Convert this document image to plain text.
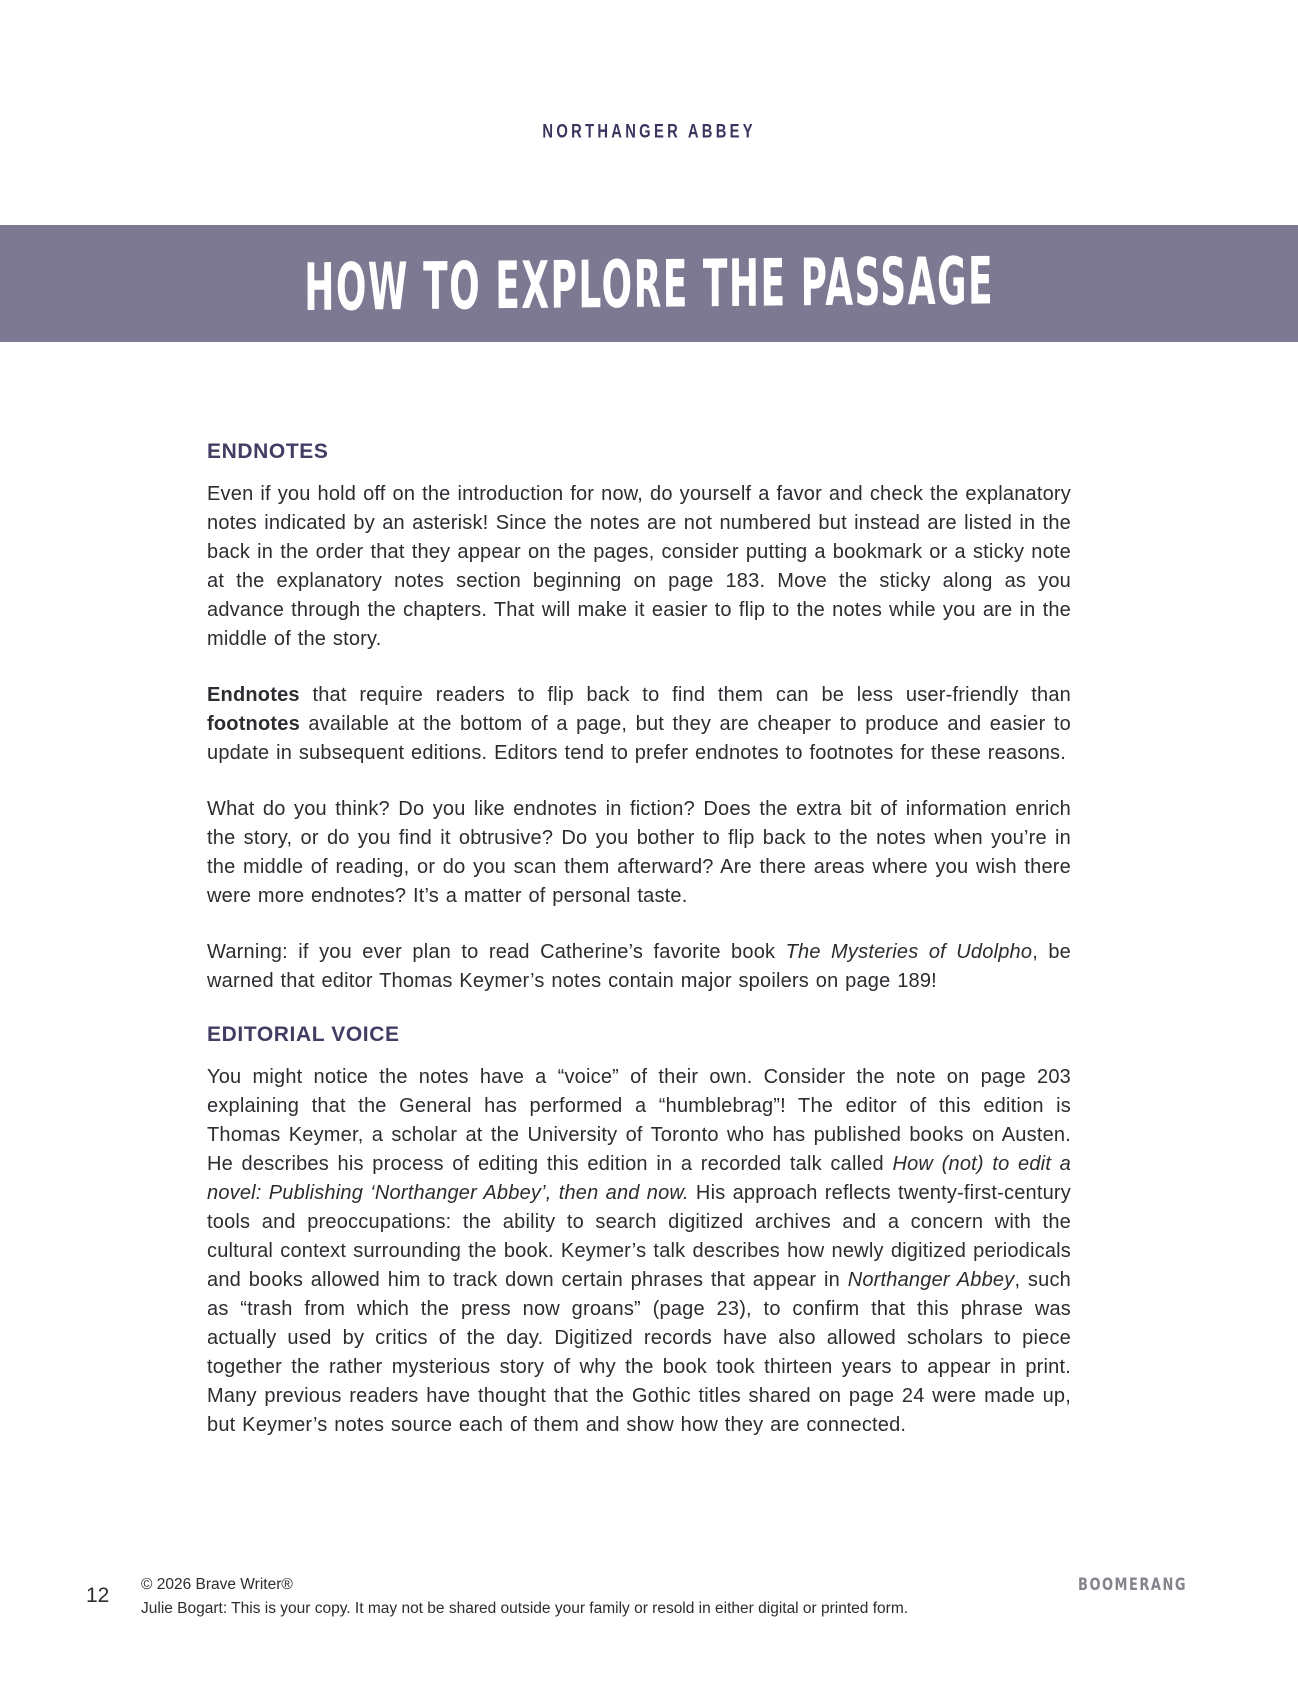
NORTHANGER ABBEY
HOW TO EXPLORE THE PASSAGE
ENDNOTES

Even if you hold off on the introduction for now, do yourself a favor and check the explanatory notes indicated by an asterisk! Since the notes are not numbered but instead are listed in the back in the order that they appear on the pages, consider putting a bookmark or a sticky note at the explanatory notes section beginning on page 183. Move the sticky along as you advance through the chapters. That will make it easier to flip to the notes while you are in the middle of the story.

Endnotes that require readers to flip back to find them can be less user-friendly than footnotes available at the bottom of a page, but they are cheaper to produce and easier to update in subsequent editions. Editors tend to prefer endnotes to footnotes for these reasons.

What do you think? Do you like endnotes in fiction? Does the extra bit of information enrich the story, or do you find it obtrusive? Do you bother to flip back to the notes when you’re in the middle of reading, or do you scan them afterward? Are there areas where you wish there were more endnotes? It’s a matter of personal taste.

Warning: if you ever plan to read Catherine’s favorite book The Mysteries of Udolpho, be warned that editor Thomas Keymer’s notes contain major spoilers on page 189!

EDITORIAL VOICE

You might notice the notes have a “voice” of their own. Consider the note on page 203 explaining that the General has performed a “humblebrag”! The editor of this edition is Thomas Keymer, a scholar at the University of Toronto who has published books on Austen. He describes his process of editing this edition in a recorded talk called How (not) to edit a novel: Publishing ‘Northanger Abbey’, then and now. His approach reflects twenty-first-century tools and preoccupations: the ability to search digitized archives and a concern with the cultural context surrounding the book. Keymer’s talk describes how newly digitized periodicals and books allowed him to track down certain phrases that appear in Northanger Abbey, such as “trash from which the press now groans” (page 23), to confirm that this phrase was actually used by critics of the day. Digitized records have also allowed scholars to piece together the rather mysterious story of why the book took thirteen years to appear in print. Many previous readers have thought that the Gothic titles shared on page 24 were made up, but Keymer’s notes source each of them and show how they are connected.

12 © 2026 Brave Writer®
Julie Bogart: This is your copy. It may not be shared outside your family or resold in either digital or printed form.
BOOMERANG
